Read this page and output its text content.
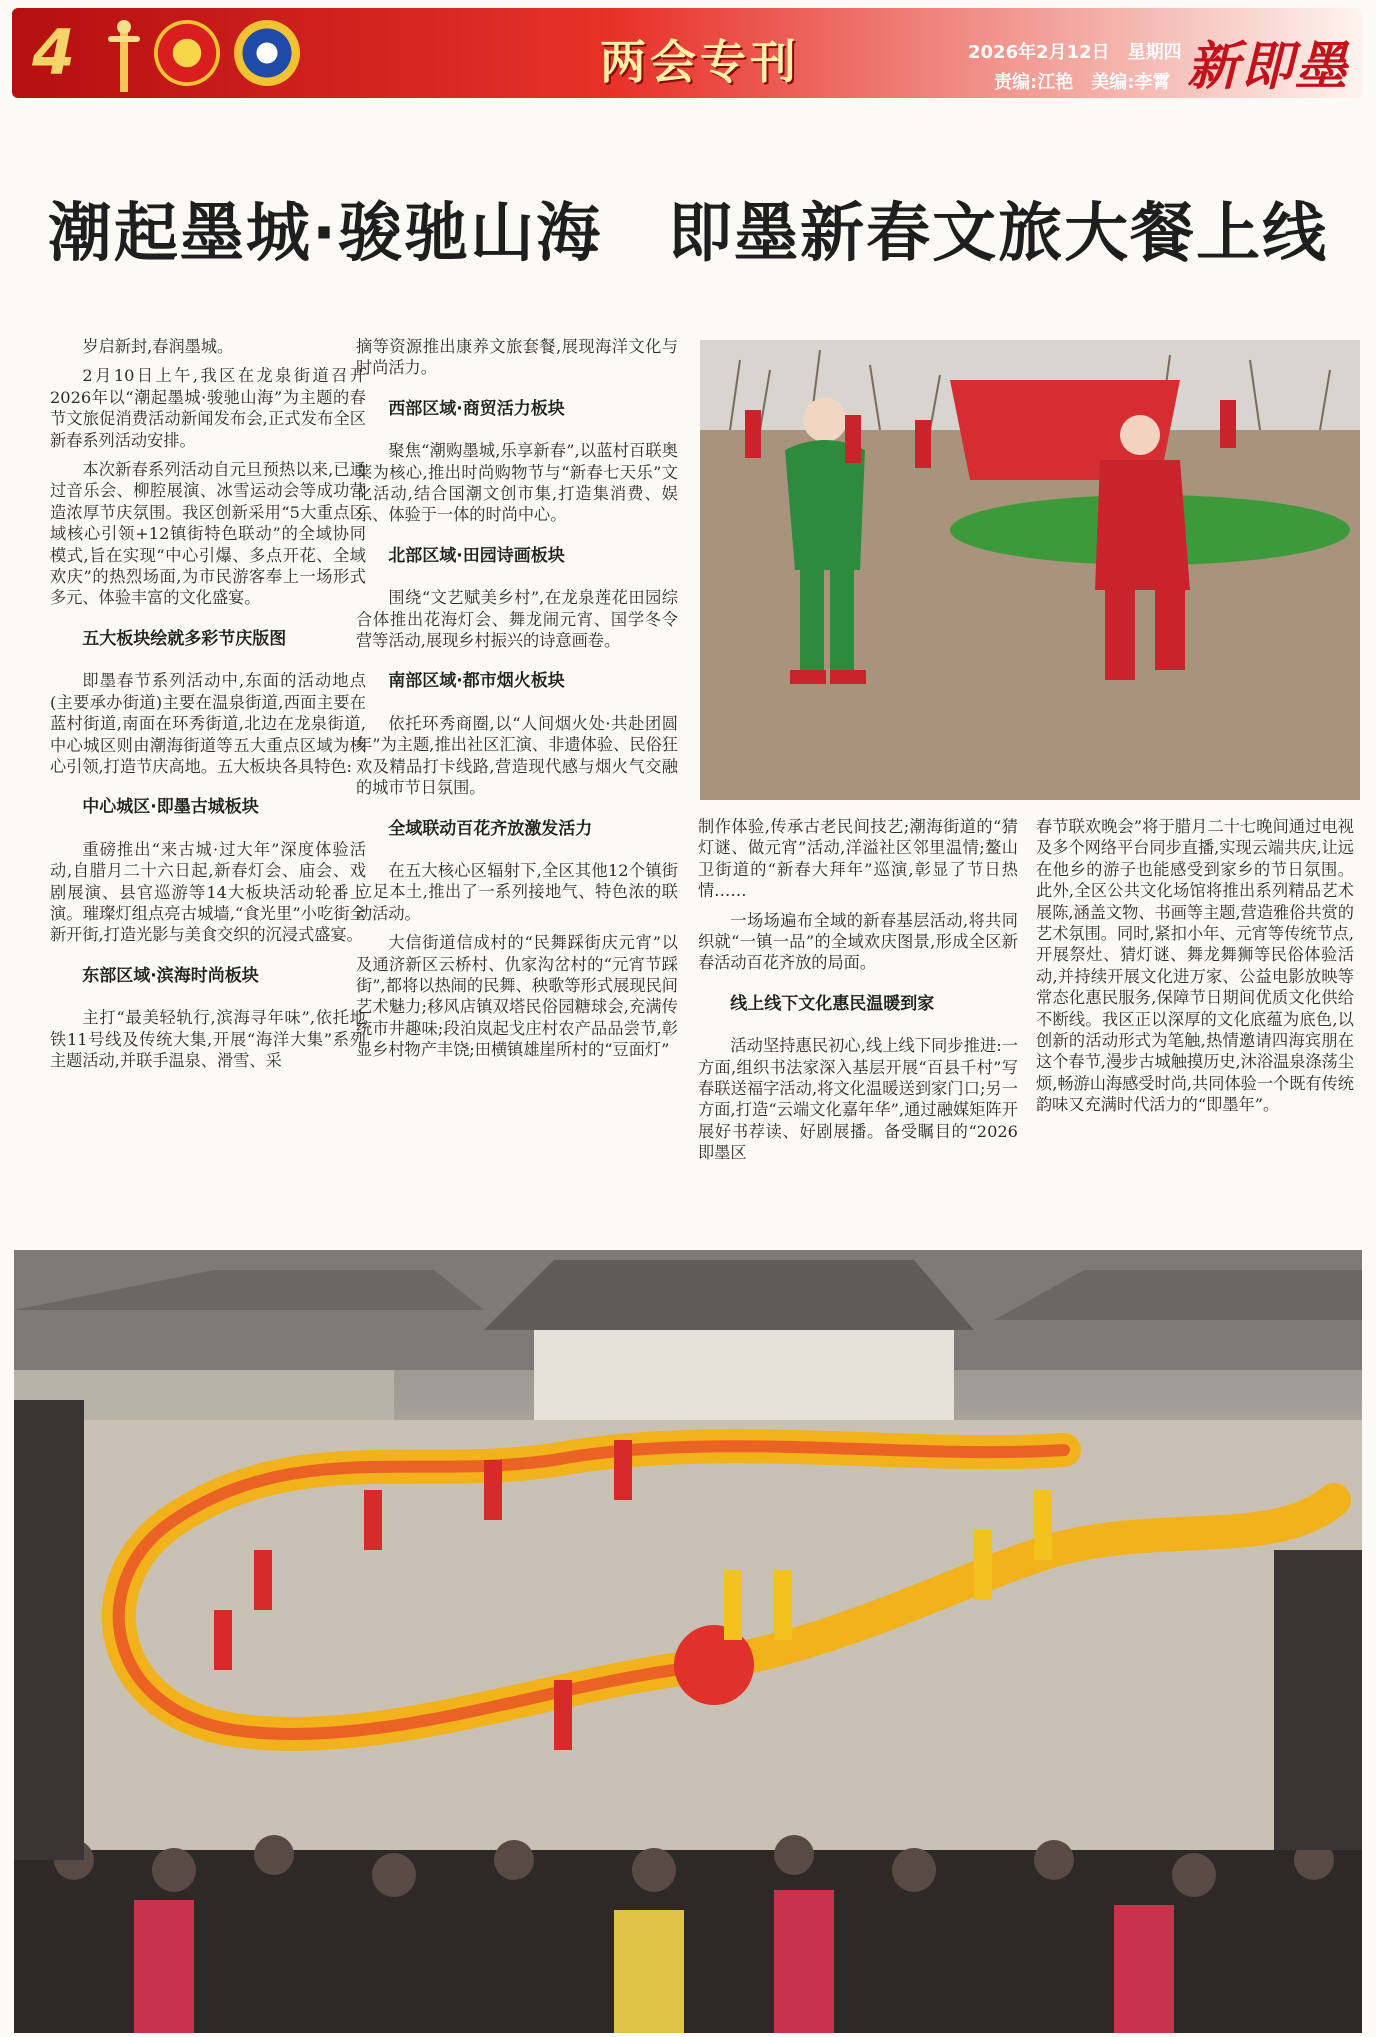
4	两会专刊	2026年2月12日　星期四
责编:江艳　美编:李霄 新即墨
潮起墨城·骏驰山海　即墨新春文旅大餐上线

岁启新封,春润墨城。

2月10日上午,我区在龙泉街道召开2026年以“潮起墨城·骏驰山海”为主题的春节文旅促消费活动新闻发布会,正式发布全区新春系列活动安排。

本次新春系列活动自元旦预热以来,已通过音乐会、柳腔展演、冰雪运动会等成功营造浓厚节庆氛围。我区创新采用“5大重点区域核心引领+12镇街特色联动”的全域协同模式,旨在实现“中心引爆、多点开花、全域欢庆”的热烈场面,为市民游客奉上一场形式多元、体验丰富的文化盛宴。

五大板块绘就多彩节庆版图

即墨春节系列活动中,东面的活动地点(主要承办街道)主要在温泉街道,西面主要在蓝村街道,南面在环秀街道,北边在龙泉街道,中心城区则由潮海街道等五大重点区域为核心引领,打造节庆高地。五大板块各具特色:

中心城区·即墨古城板块

重磅推出“来古城·过大年”深度体验活动,自腊月二十六日起,新春灯会、庙会、戏剧展演、县官巡游等14大板块活动轮番上演。璀璨灯组点亮古城墙,“食光里”小吃街全新开街,打造光影与美食交织的沉浸式盛宴。

东部区域·滨海时尚板块

主打“最美轻轨行,滨海寻年味”,依托地铁11号线及传统大集,开展“海洋大集”系列主题活动,并联手温泉、滑雪、采

摘等资源推出康养文旅套餐,展现海洋文化与时尚活力。

西部区域·商贸活力板块

聚焦“潮购墨城,乐享新春”,以蓝村百联奥莱为核心,推出时尚购物节与“新春七天乐”文化活动,结合国潮文创市集,打造集消费、娱乐、体验于一体的时尚中心。

北部区域·田园诗画板块

围绕“文艺赋美乡村”,在龙泉莲花田园综合体推出花海灯会、舞龙闹元宵、国学冬令营等活动,展现乡村振兴的诗意画卷。

南部区域·都市烟火板块

依托环秀商圈,以“人间烟火处·共赴团圆年”为主题,推出社区汇演、非遗体验、民俗狂欢及精品打卡线路,营造现代感与烟火气交融的城市节日氛围。

全域联动百花齐放激发活力

在五大核心区辐射下,全区其他12个镇街立足本土,推出了一系列接地气、特色浓的联动活动。

大信街道信成村的“民舞踩街庆元宵”以及通济新区云桥村、仇家沟岔村的“元宵节踩街”,都将以热闹的民舞、秧歌等形式展现民间艺术魅力;移风店镇双塔民俗园糖球会,充满传统市井趣味;段泊岚起戈庄村农产品品尝节,彰显乡村物产丰饶;田横镇雄崖所村的“豆面灯”

制作体验,传承古老民间技艺;潮海街道的“猜灯谜、做元宵”活动,洋溢社区邻里温情;鳌山卫街道的“新春大拜年”巡演,彰显了节日热情……

一场场遍布全域的新春基层活动,将共同织就“一镇一品”的全域欢庆图景,形成全区新春活动百花齐放的局面。

线上线下文化惠民温暖到家

活动坚持惠民初心,线上线下同步推进:一方面,组织书法家深入基层开展“百县千村”写春联送福字活动,将文化温暖送到家门口;另一方面,打造“云端文化嘉年华”,通过融媒矩阵开展好书荐读、好剧展播。备受瞩目的“2026即墨区

春节联欢晚会”将于腊月二十七晚间通过电视及多个网络平台同步直播,实现云端共庆,让远在他乡的游子也能感受到家乡的节日氛围。此外,全区公共文化场馆将推出系列精品艺术展陈,涵盖文物、书画等主题,营造雅俗共赏的艺术氛围。同时,紧扣小年、元宵等传统节点,开展祭灶、猜灯谜、舞龙舞狮等民俗体验活动,并持续开展文化进万家、公益电影放映等常态化惠民服务,保障节日期间优质文化供给不断线。我区正以深厚的文化底蕴为底色,以创新的活动形式为笔触,热情邀请四海宾朋在这个春节,漫步古城触摸历史,沐浴温泉涤荡尘烦,畅游山海感受时尚,共同体验一个既有传统韵味又充满时代活力的“即墨年”。
